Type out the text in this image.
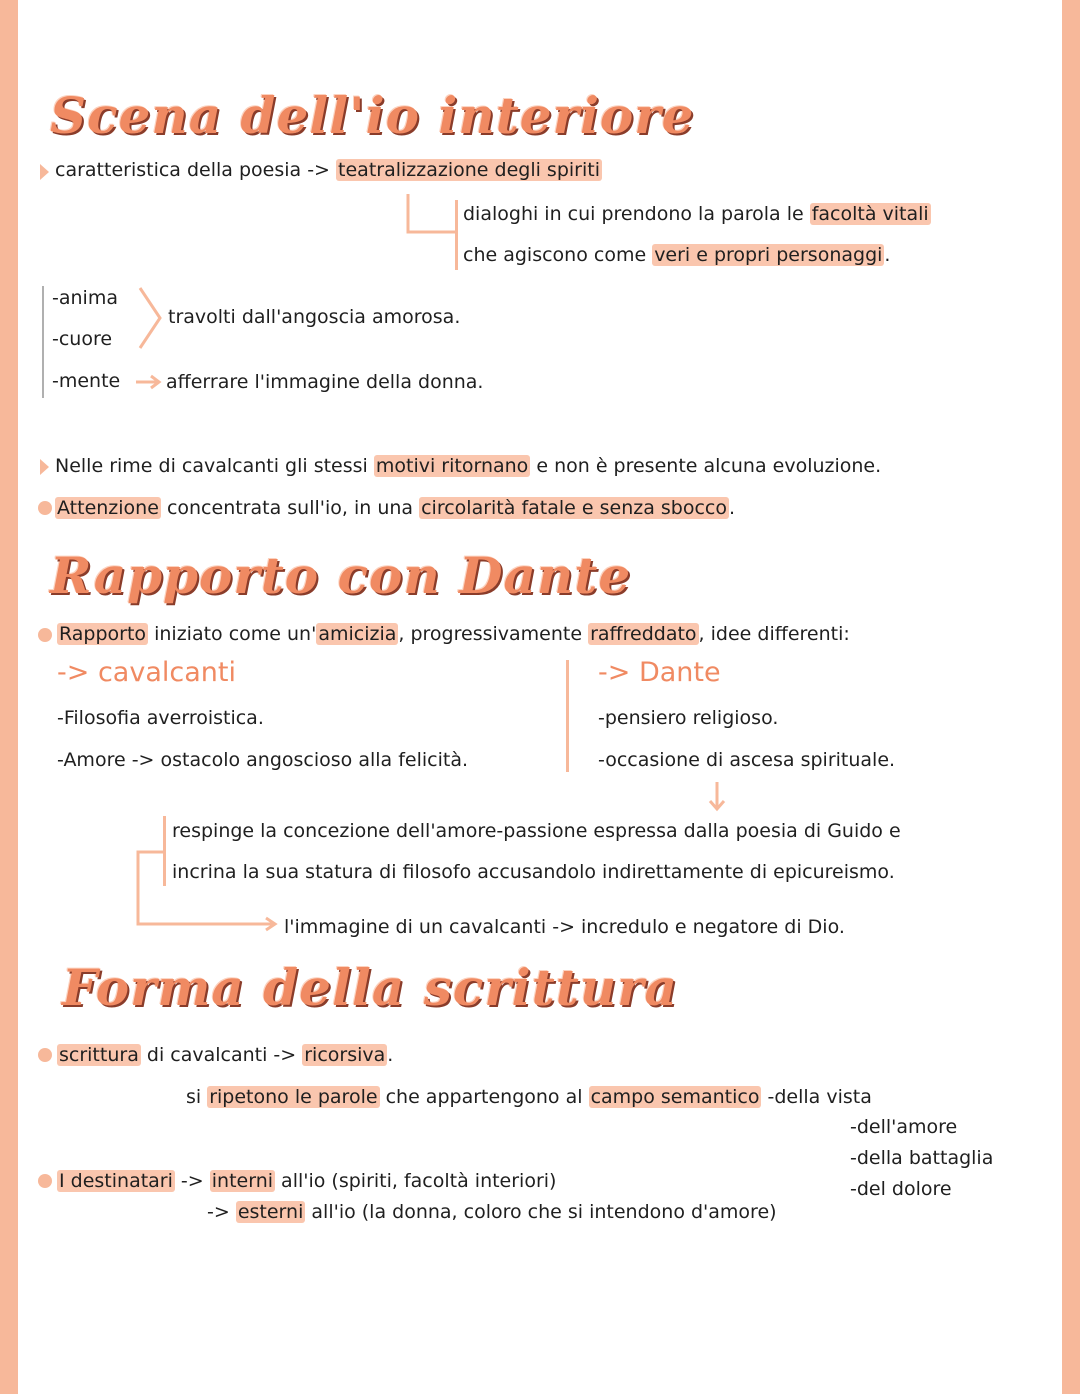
Scena dell'io interiore
caratteristica della poesia -> teatralizzazione degli spiriti
dialoghi in cui prendono la parola le facoltà vitali
che agiscono come veri e propri personaggi .
-anima
-cuore
travolti dall'angoscia amorosa.
-mente afferrare l'immagine della donna.
Nelle rime di cavalcanti gli stessi motivi ritornano e non è presente alcuna evoluzione.
Attenzione concentrata sull'io, in una circolarità fatale e senza sbocco .
Rapporto con Dante
Rapporto iniziato come un' amicizia , progressivamente raffreddato , idee differenti:
-> cavalcanti
-Filosofia averroistica.
-Amore -> ostacolo angoscioso alla felicità.
-> Dante
-pensiero religioso.
-occasione di ascesa spirituale.
respinge la concezione dell'amore-passione espressa dalla poesia di Guido e
incrina la sua statura di filosofo accusandolo indirettamente di epicureismo.
l'immagine di un cavalcanti -> incredulo e negatore di Dio.
Forma della scrittura
scrittura di cavalcanti -> ricorsiva .
si ripetono le parole che appartengono al campo semantico -della vista
-dell'amore
-della battaglia
-del dolore
I destinatari -> interni all'io (spiriti, facoltà interiori)
-> esterni all'io (la donna, coloro che si intendono d'amore)
